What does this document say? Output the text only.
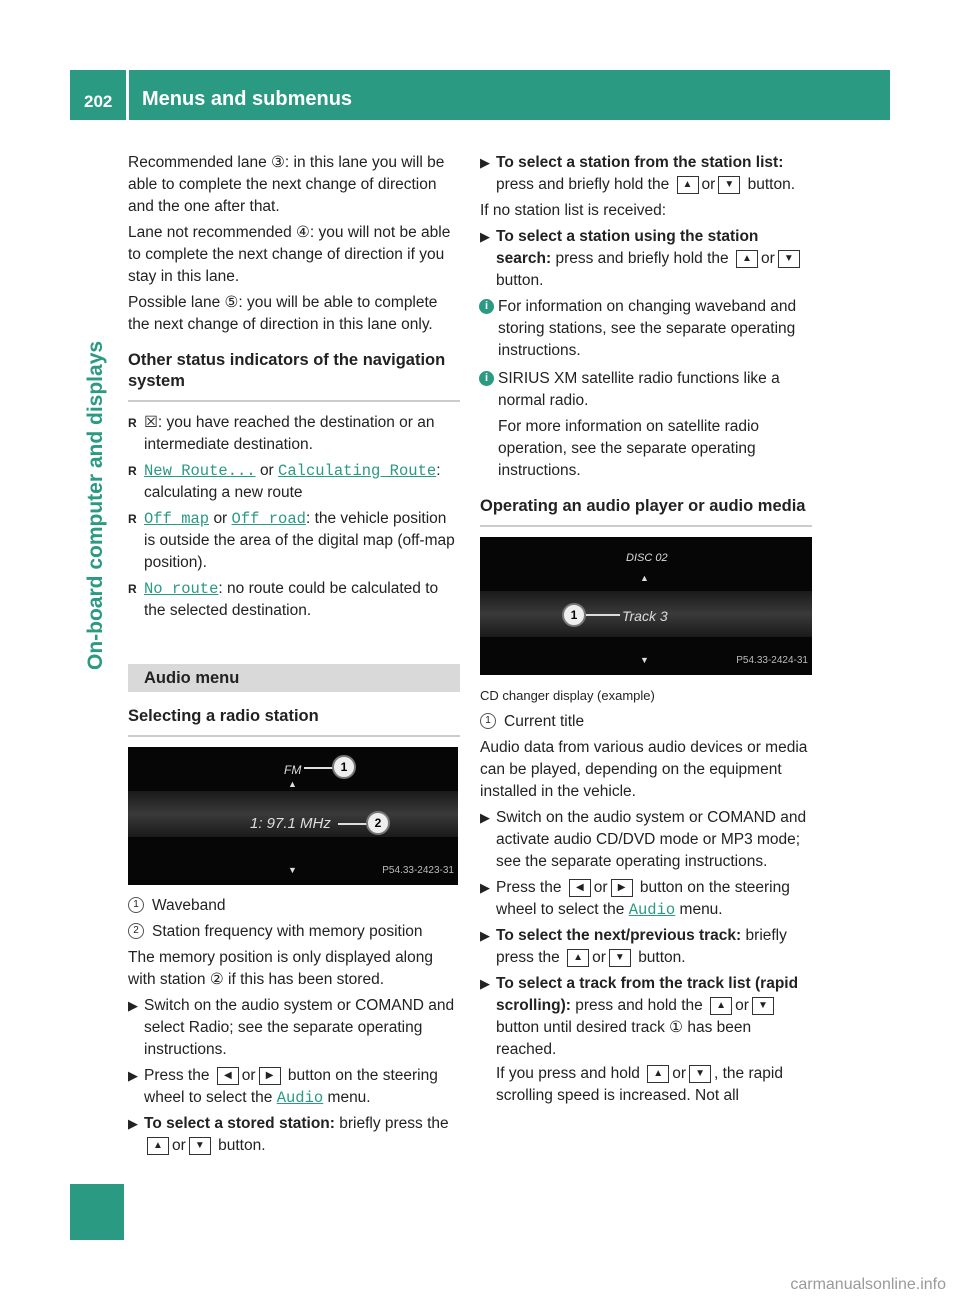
202 Menus and submenus
On-board computer and displays

Recommended lane ③: in this lane you will be able to complete the next change of direction and the one after that.

Lane not recommended ④: you will not be able to complete the next change of direction if you stay in this lane.

Possible lane ⑤: you will be able to complete the next change of direction in this lane only.

Other status indicators of the navigation system
R ☒: you have reached the destination or an intermediate destination.
R New Route... or Calculating Route: calculating a new route
R Off map or Off road: the vehicle position is outside the area of the digital map (off-map position).
R No route: no route could be calculated to the selected destination.
Audio menu
Selecting a radio station
FM	1
▲
1: 97.1 MHz	2
▼	P54.33-2423-31
1 Waveband
2 Station frequency with memory position

The memory position is only displayed along with station ② if this has been stored.

▶ Switch on the audio system or COMAND and select Radio; see the separate operating instructions.
▶ Press the ◀ or ▶ button on the steering wheel to select the Audio menu.
▶ To select a stored station: briefly press the ▲ or ▼ button.
▶ To select a station from the station list: press and briefly hold the ▲ or ▼ button.

If no station list is received:

▶ To select a station using the station search: press and briefly hold the ▲ or ▼ button.
i For information on changing waveband and storing stations, see the separate operating instructions.
i SIRIUS XM satellite radio functions like a normal radio.

For more information on satellite radio operation, see the separate operating instructions.

Operating an audio player or audio media
DISC 02
▲
1	Track 3
▼	P54.33-2424-31

CD changer display (example)

1 Current title

Audio data from various audio devices or media can be played, depending on the equipment installed in the vehicle.

▶ Switch on the audio system or COMAND and activate audio CD/DVD mode or MP3 mode; see the separate operating instructions.
▶ Press the ◀ or ▶ button on the steering wheel to select the Audio menu.
▶ To select the next/previous track: briefly press the ▲ or ▼ button.
▶ To select a track from the track list (rapid scrolling): press and hold the ▲ or ▼ button until desired track ① has been reached.
If you press and hold ▲ or ▼ , the rapid scrolling speed is increased. Not all
carmanualsonline.info
